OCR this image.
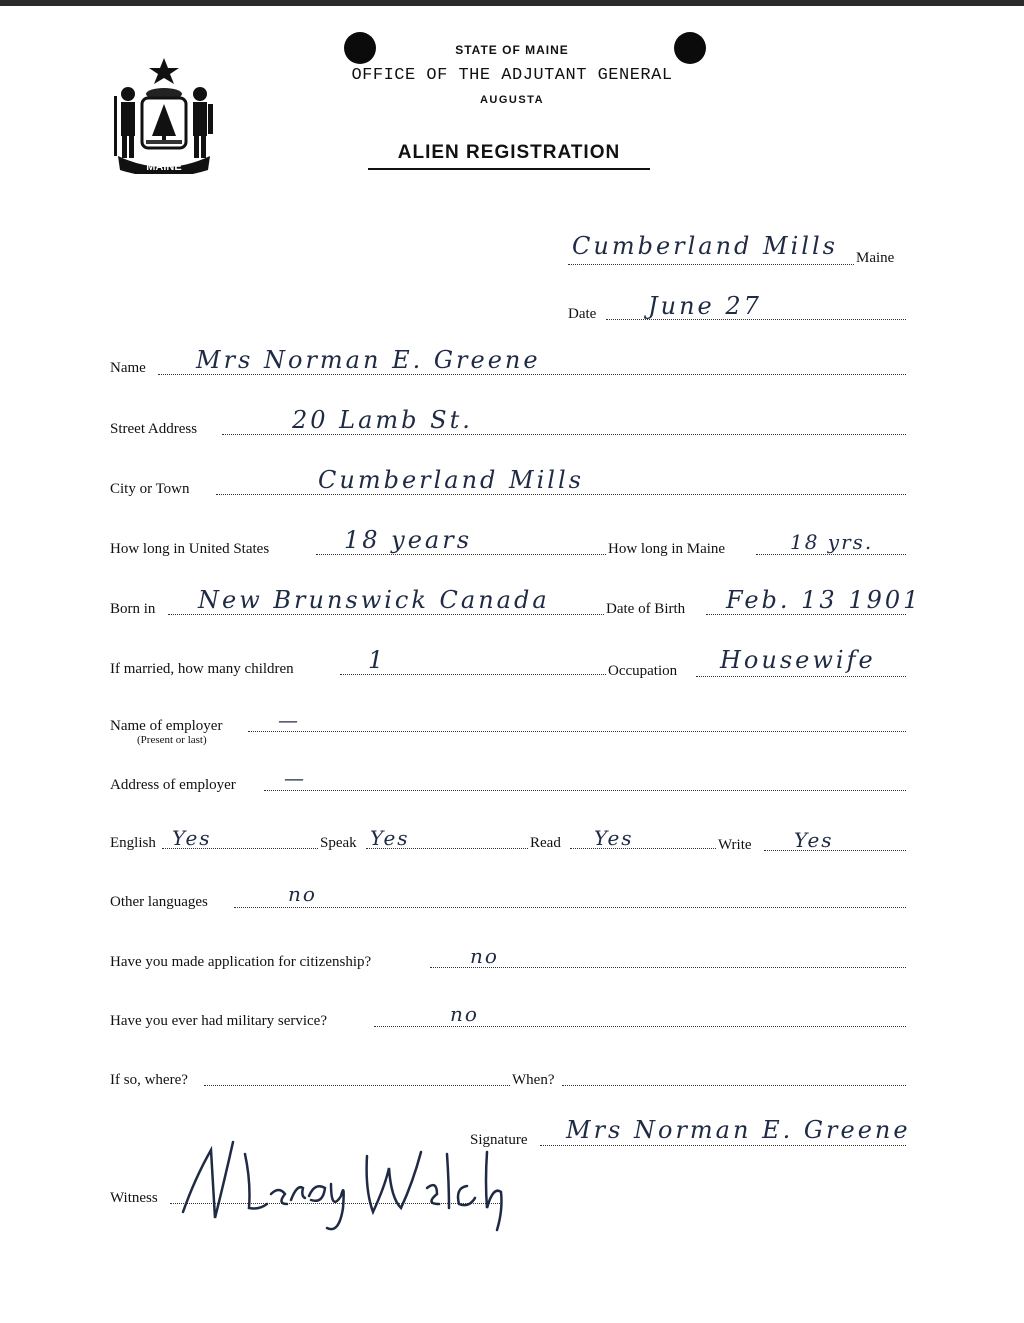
MAINE
STATE OF MAINE
OFFICE OF THE ADJUTANT GENERAL
AUGUSTA
ALIEN REGISTRATION
Cumberland Mills Maine
Date June 27
Name Mrs Norman E. Greene
Street Address	20 Lamb St.
City or Town	Cumberland Mills
How long in United States	18 years	How long in Maine	18 yrs.
Born in New Brunswick Canada	Date of Birth Feb. 13 1901
If married, how many children	1	Occupation Housewife
Name of employer
(Present or last)
—
Address of employer —
English Yes	Speak Yes	Read Yes	Write Yes
Other languages	no
Have you made application for citizenship?	no
Have you ever had military service?	no
If so, where?	When?
Signature Mrs Norman E. Greene
Witness
N. Leroy Welch
